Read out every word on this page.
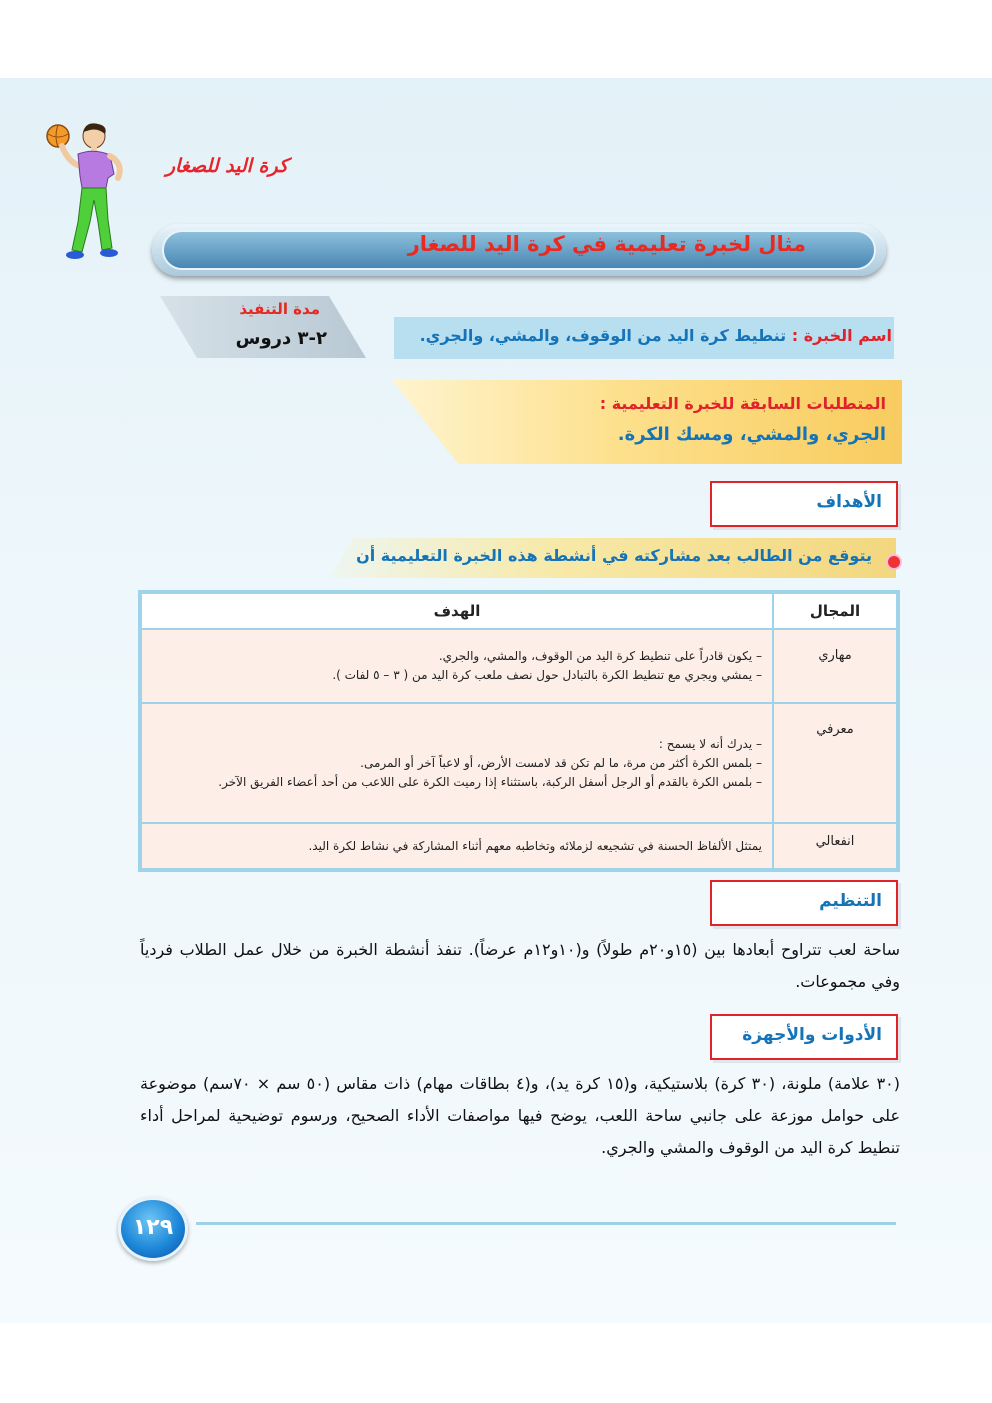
كرة اليد للصغار
مثال لخبرة تعليمية في كرة اليد للصغار
مدة التنفيذ
٢-٣ دروس	اسم الخبرة : تنطيط كرة اليد من الوقوف، والمشي، والجري.
المتطلبات السابقة للخبرة التعليمية :
الجري، والمشي، ومسك الكرة.
الأهداف
يتوقع من الطالب بعد مشاركته في أنشطة هذه الخبرة التعليمية أن
المجال	الهدف
مهاري	– يكون قادراً على تنطيط كرة اليد من الوقوف، والمشي، والجري.
– يمشي ويجري مع تنطيط الكرة بالتبادل حول نصف ملعب كرة اليد من ( ٣ – ٥ لفات ).

معرفي	– يدرك أنه لا يسمح :
– بلمس الكرة أكثر من مرة، ما لم تكن قد لامست الأرض، أو لاعباً آخر أو المرمى.
– بلمس الكرة بالقدم أو الرجل أسفل الركبة، باستثناء إذا رميت الكرة على اللاعب من أحد أعضاء الفريق الآخر.

انفعالي	يمتثل الألفاظ الحسنة في تشجيعه لزملائه وتخاطبه معهم أثناء المشاركة في نشاط لكرة اليد.
التنظيم
ساحة لعب تتراوح أبعادها بين (١٥و٢٠م طولاً) و(١٠و١٢م عرضاً). تنفذ أنشطة الخبرة من خلال عمل الطلاب فردياً وفي مجموعات.
الأدوات والأجهزة
(٣٠ علامة) ملونة، (٣٠ كرة) بلاستيكية، و(١٥ كرة يد)، و(٤ بطاقات مهام) ذات مقاس (٥٠ سم × ٧٠سم) موضوعة على حوامل موزعة على جانبي ساحة اللعب، يوضح فيها مواصفات الأداء الصحيح، ورسوم توضيحية لمراحل أداء تنطيط كرة اليد من الوقوف والمشي والجري.
١٢٩
